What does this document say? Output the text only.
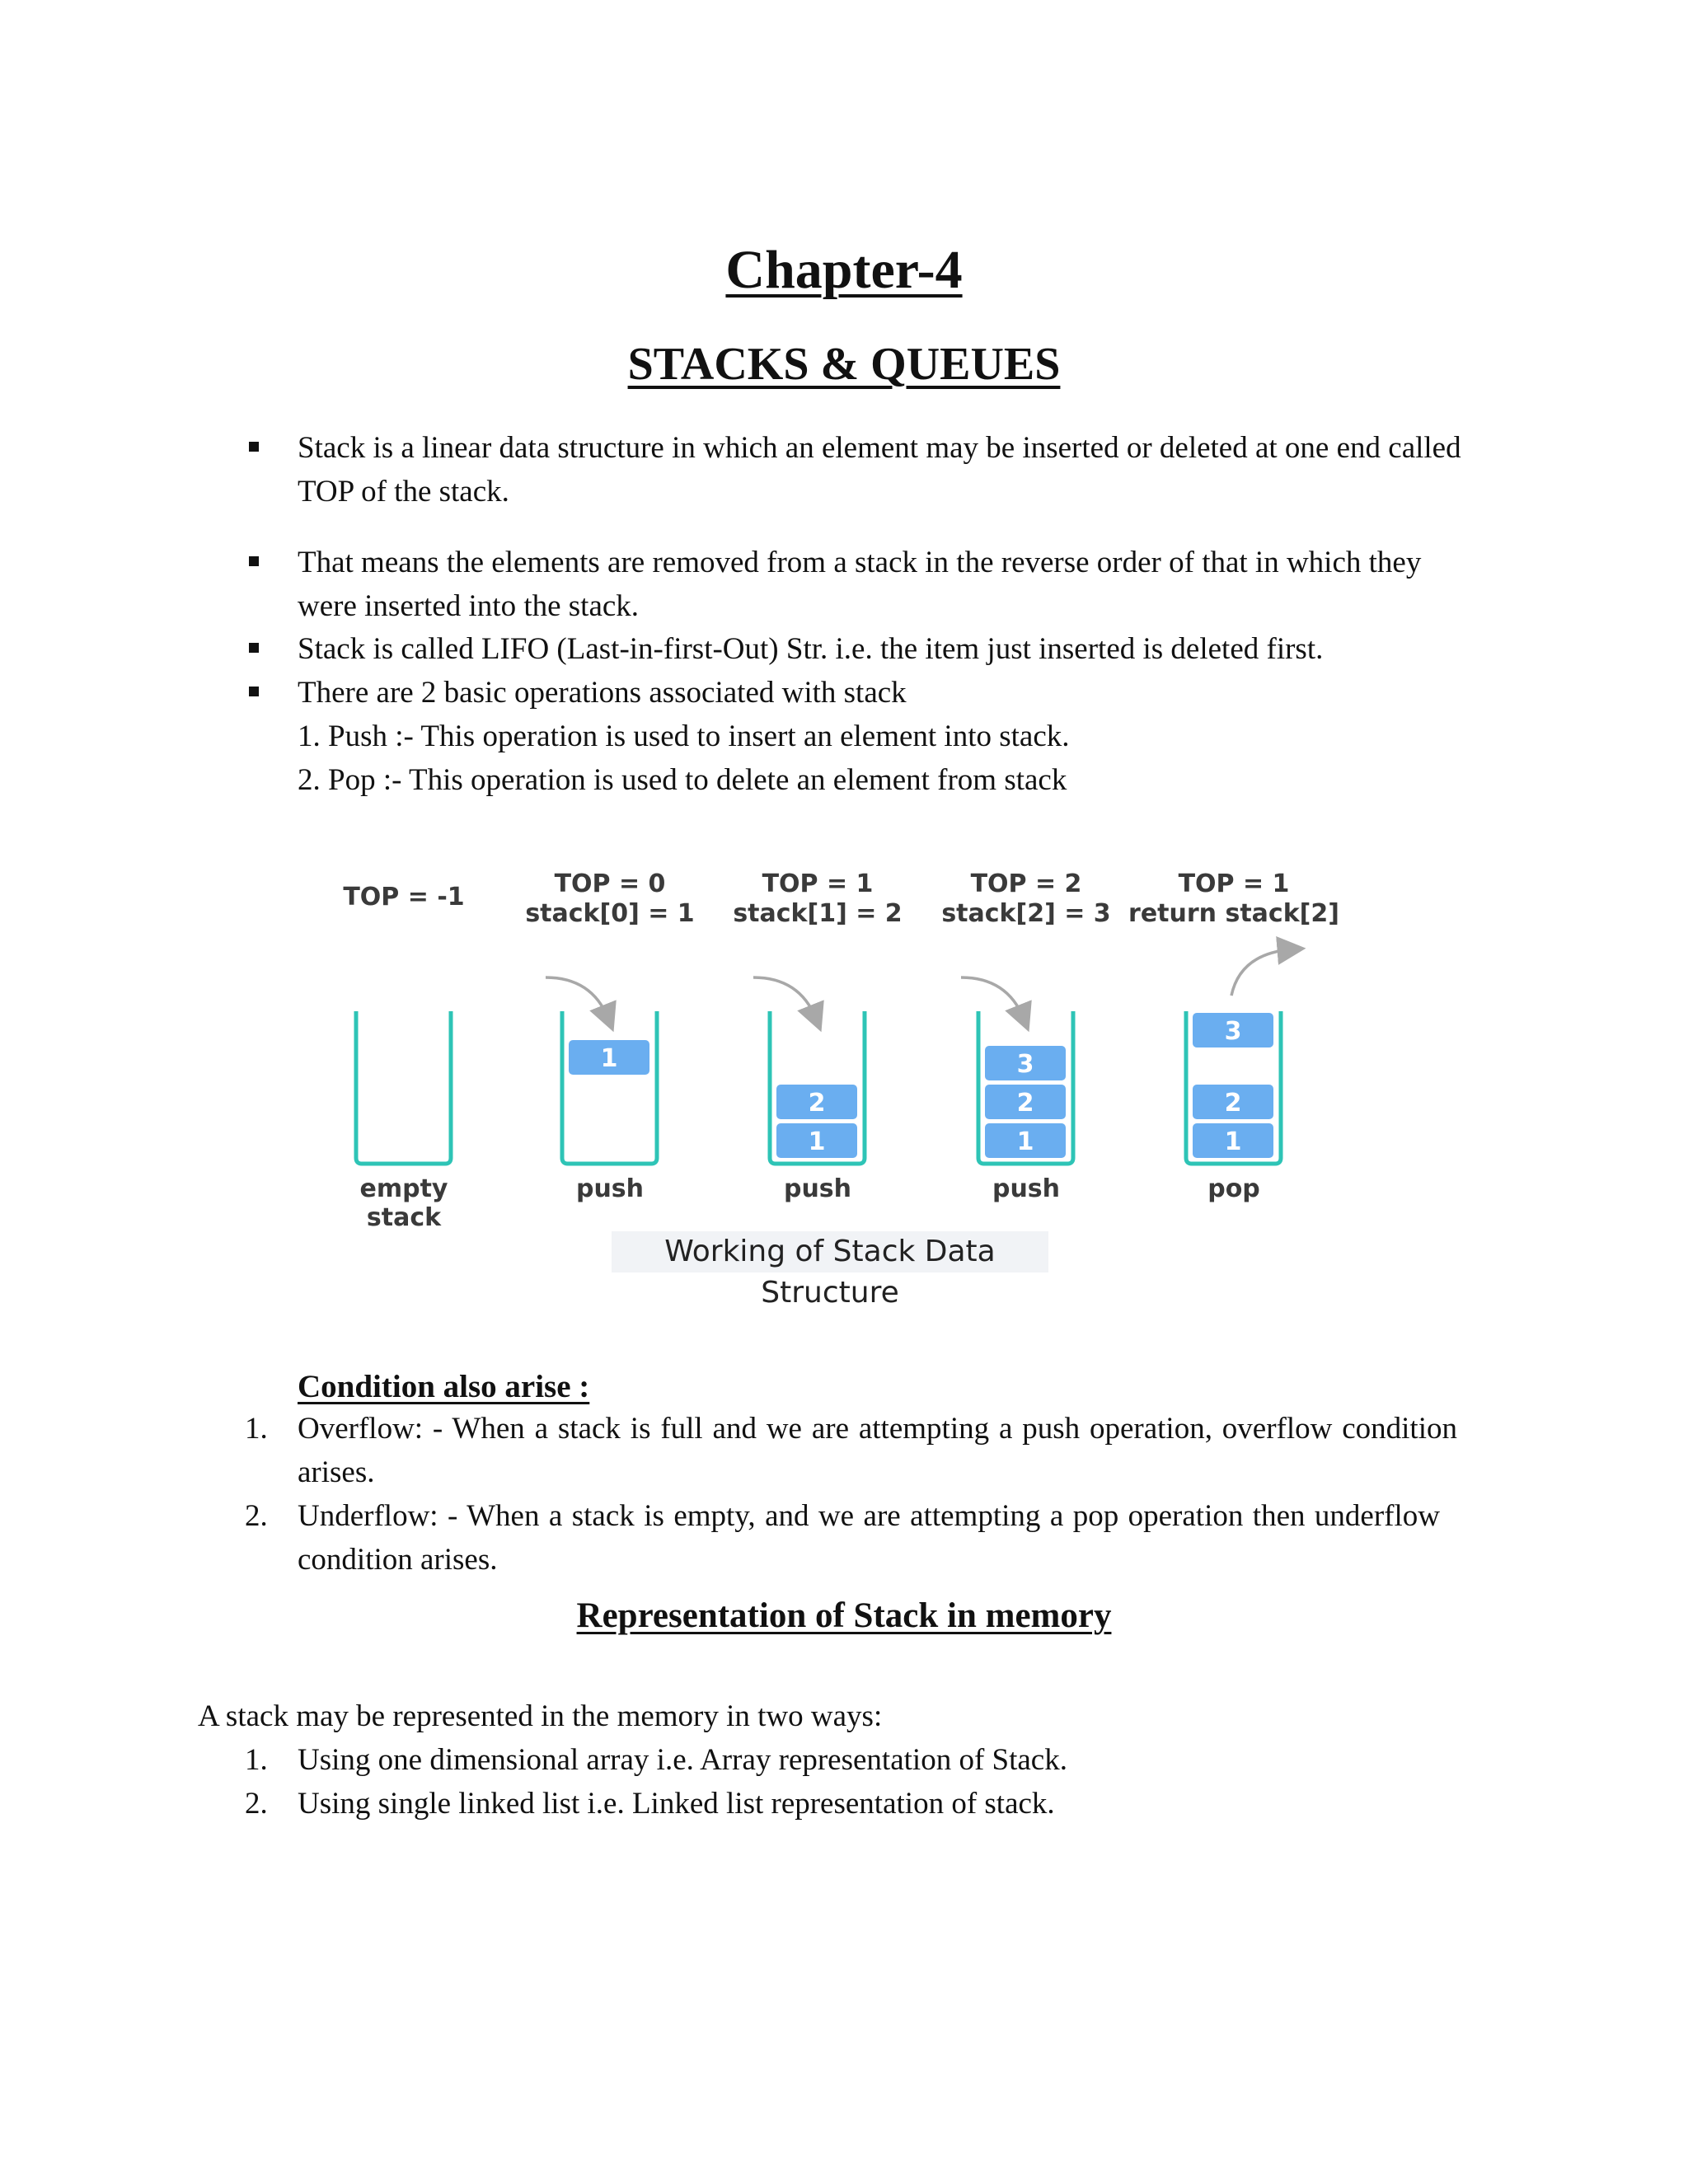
Chapter-4
STACKS & QUEUES
Stack is a linear data structure in which an element may be inserted or deleted at one end called TOP of the stack.
That means the elements are removed from a stack in the reverse order of that in which they were inserted into the stack.
Stack is called LIFO (Last-in-first-Out) Str. i.e. the item just inserted is deleted first.
There are 2 basic operations associated with stack
1. Push :- This operation is used to insert an element into stack.
2. Pop :- This operation is used to delete an element from stack
TOP = -1	TOP = 0
stack[0] = 1
TOP = 1
stack[1] = 2
TOP = 2
stack[2] = 3
TOP = 1
return stack[2]
1
1
2
1
2
3
1
2
3
empty
stack
push	push	push	pop
Working of Stack Data Structure
Condition also arise :
1. Overflow: - When a stack is full and we are attempting a push operation, overflow condition arises.
2. Underflow: - When a stack is empty, and we are attempting a pop operation then underflow condition arises.
Representation of Stack in memory
A stack may be represented in the memory in two ways:
1. Using one dimensional array i.e. Array representation of Stack.
2. Using single linked list i.e. Linked list representation of stack.
